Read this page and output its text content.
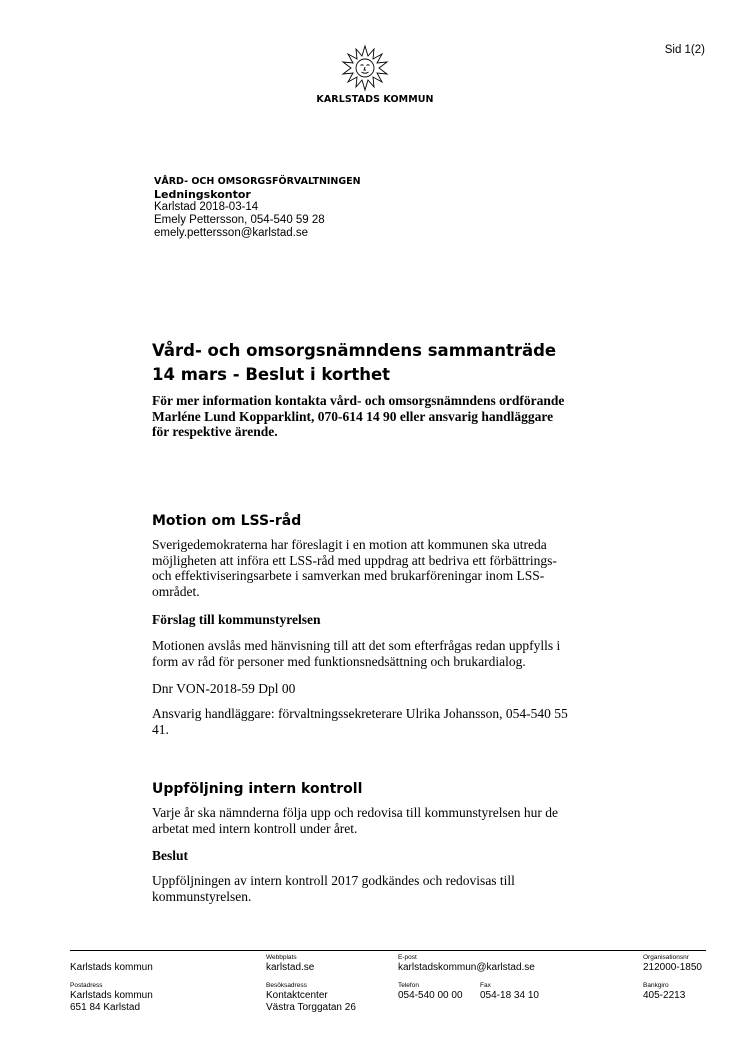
Sid 1(2)
KARLSTADS KOMMUN
VÅRD- OCH OMSORGSFÖRVALTNINGEN
Ledningskontor
Karlstad 2018-03-14
Emely Pettersson, 054-540 59 28
emely.pettersson@karlstad.se
Vård- och omsorgsnämndens sammanträde
14 mars - Beslut i korthet
För mer information kontakta vård- och omsorgsnämndens ordförande
Marléne Lund Kopparklint, 070-614 14 90 eller ansvarig handläggare
för respektive ärende.
Motion om LSS-råd
Sverigedemokraterna har föreslagit i en motion att kommunen ska utreda
möjligheten att införa ett LSS-råd med uppdrag att bedriva ett förbättrings-
och effektiviseringsarbete i samverkan med brukarföreningar inom LSS-
området.
Förslag till kommunstyrelsen
Motionen avslås med hänvisning till att det som efterfrågas redan uppfylls i
form av råd för personer med funktionsnedsättning och brukardialog.
Dnr VON-2018-59 Dpl 00
Ansvarig handläggare: förvaltningssekreterare Ulrika Johansson, 054-540 55
41.
Uppföljning intern kontroll
Varje år ska nämnderna följa upp och redovisa till kommunstyrelsen hur de
arbetat med intern kontroll under året.
Beslut
Uppföljningen av intern kontroll 2017 godkändes och redovisas till
kommunstyrelsen.
Karlstads kommun
Webbplats
karlstad.se
E-post
karlstadskommun@karlstad.se
Organisationsnr
212000-1850
Postadress
Karlstads kommun
651 84 Karlstad
Besöksadress
Kontaktcenter
Västra Torggatan 26
Telefon
054-540 00 00
Fax
054-18 34 10
Bankgiro
405-2213
